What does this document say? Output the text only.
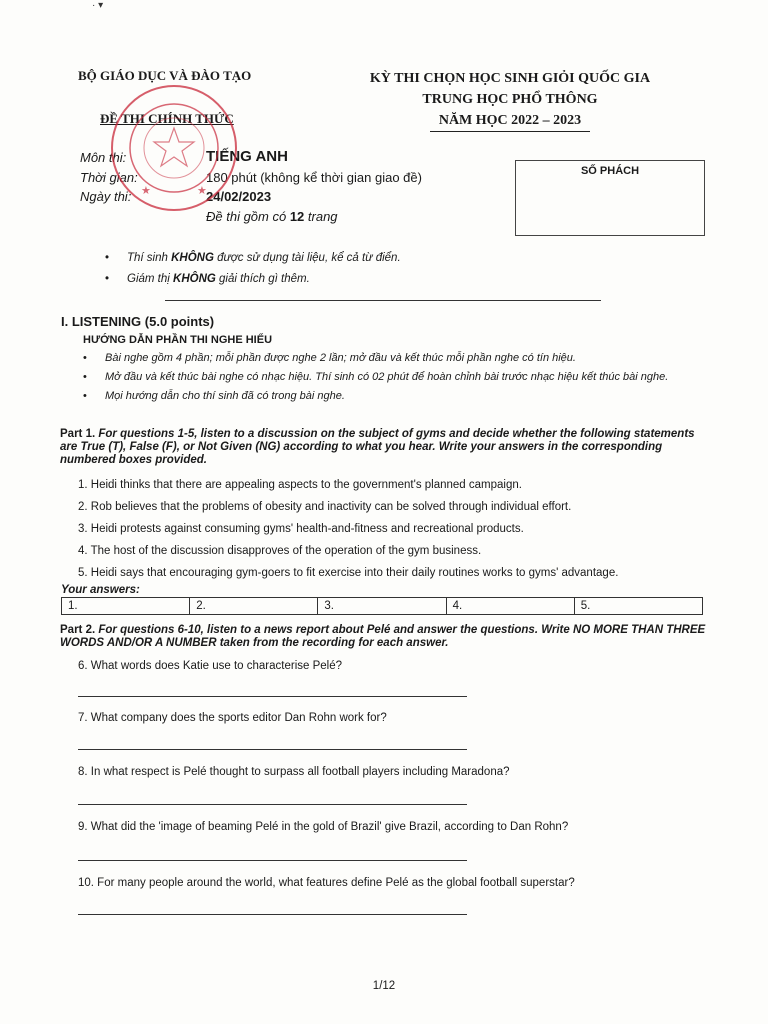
· ▾
BỘ GIÁO DỤC VÀ ĐÀO TẠO
ĐỀ THI CHÍNH THỨC
KỲ THI CHỌN HỌC SINH GIỎI QUỐC GIA
TRUNG HỌC PHỔ THÔNG
NĂM HỌC 2022 – 2023
Môn thi:	TIẾNG ANH
Thời gian:	180 phút (không kể thời gian giao đề)
Ngày thi:	24/02/2023
Đề thi gồm có 12 trang
★	★
SỐ PHÁCH
• Thí sinh KHÔNG được sử dụng tài liệu, kể cả từ điển.
• Giám thị KHÔNG giải thích gì thêm.
I. LISTENING (5.0 points)
HƯỚNG DẪN PHẦN THI NGHE HIỂU
• Bài nghe gồm 4 phần; mỗi phần được nghe 2 lần; mở đầu và kết thúc mỗi phần nghe có tín hiệu.
• Mở đầu và kết thúc bài nghe có nhạc hiệu. Thí sinh có 02 phút để hoàn chỉnh bài trước nhạc hiệu kết thúc bài nghe.
• Mọi hướng dẫn cho thí sinh đã có trong bài nghe.
Part 1. For questions 1-5, listen to a discussion on the subject of gyms and decide whether the following statements are True (T), False (F), or Not Given (NG) according to what you hear. Write your answers in the corresponding numbered boxes provided.
1. Heidi thinks that there are appealing aspects to the government's planned campaign.
2. Rob believes that the problems of obesity and inactivity can be solved through individual effort.
3. Heidi protests against consuming gyms' health-and-fitness and recreational products.
4. The host of the discussion disapproves of the operation of the gym business.
5. Heidi says that encouraging gym-goers to fit exercise into their daily routines works to gyms' advantage.
Your answers:
1.	2.	3.	4.	5.
Part 2. For questions 6-10, listen to a news report about Pelé and answer the questions. Write NO MORE THAN THREE WORDS AND/OR A NUMBER taken from the recording for each answer.
6. What words does Katie use to characterise Pelé?
7. What company does the sports editor Dan Rohn work for?
8. In what respect is Pelé thought to surpass all football players including Maradona?
9. What did the 'image of beaming Pelé in the gold of Brazil' give Brazil, according to Dan Rohn?
10. For many people around the world, what features define Pelé as the global football superstar?
1/12
